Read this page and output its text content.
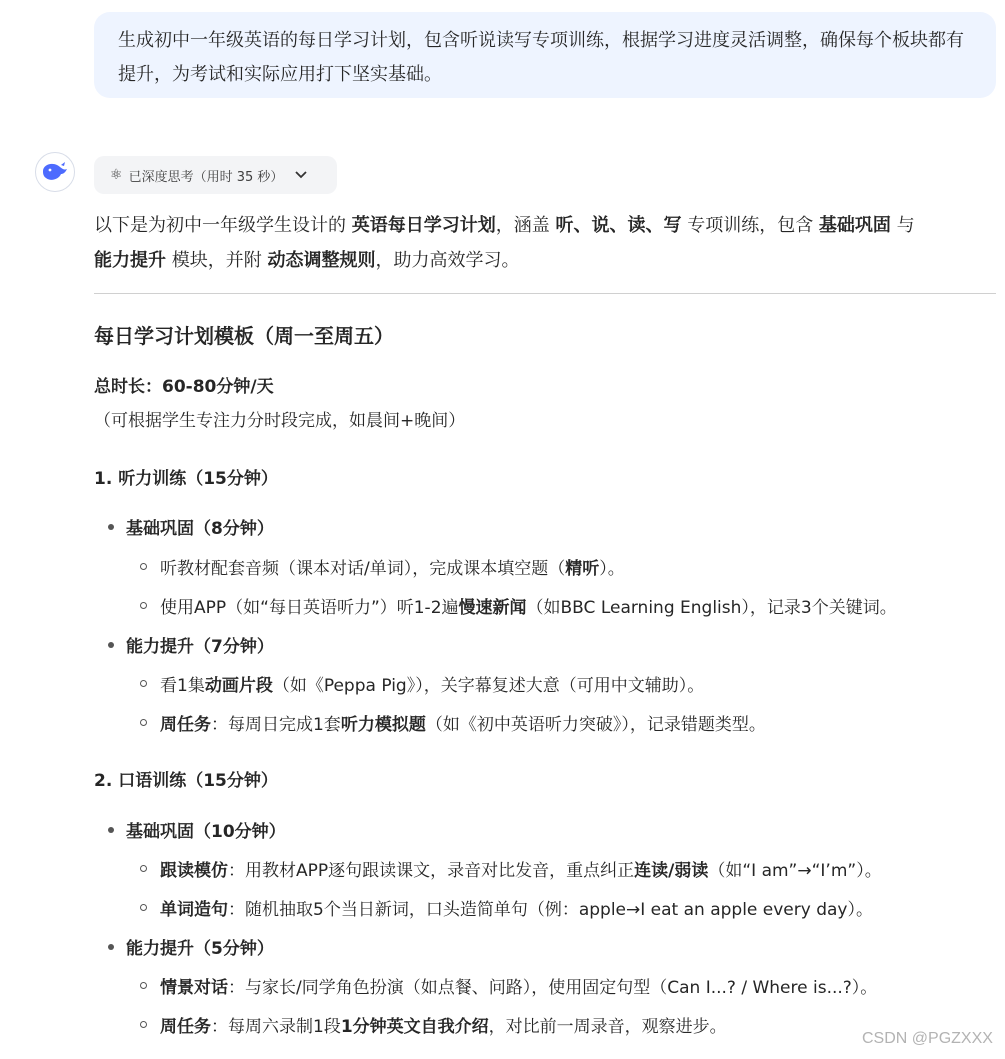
生成初中一年级英语的每日学习计划，包含听说读写专项训练，根据学习进度灵活调整，确保每个板块都有提升，为考试和实际应用打下坚实基础。
⚛ 已深度思考（用时 35 秒）

以下是为初中一年级学生设计的 英语每日学习计划，涵盖 听、说、读、写 专项训练，包含 基础巩固 与
能力提升 模块，并附 动态调整规则，助力高效学习。

每日学习计划模板（周一至周五）
总时长：60-80分钟/天
（可根据学生专注力分时段完成，如晨间+晚间）
1. 听力训练（15分钟）
基础巩固（8分钟）
听教材配套音频（课本对话/单词），完成课本填空题（ 精听 ）。
使用APP（如“每日英语听力”）听1-2遍 慢速新闻 （如BBC Learning English），记录3个关键词。
能力提升（7分钟）
看1集 动画片段 （如《Peppa Pig》），关字幕复述大意（可用中文辅助）。
周任务 ：每周日完成1套 听力模拟题 （如《初中英语听力突破》），记录错题类型。
2. 口语训练（15分钟）
基础巩固（10分钟）
跟读模仿 ：用教材APP逐句跟读课文，录音对比发音，重点纠正 连读/弱读 （如“I am”→“I’m”）。
单词造句 ：随机抽取5个当日新词，口头造简单句（例：apple→I eat an apple every day）。
能力提升（5分钟）
情景对话 ：与家长/同学角色扮演（如点餐、问路），使用固定句型（Can I...? / Where is...?）。
周任务 ：每周六录制1段 1分钟英文自我介绍 ，对比前一周录音，观察进步。
CSDN @PGZXXX
